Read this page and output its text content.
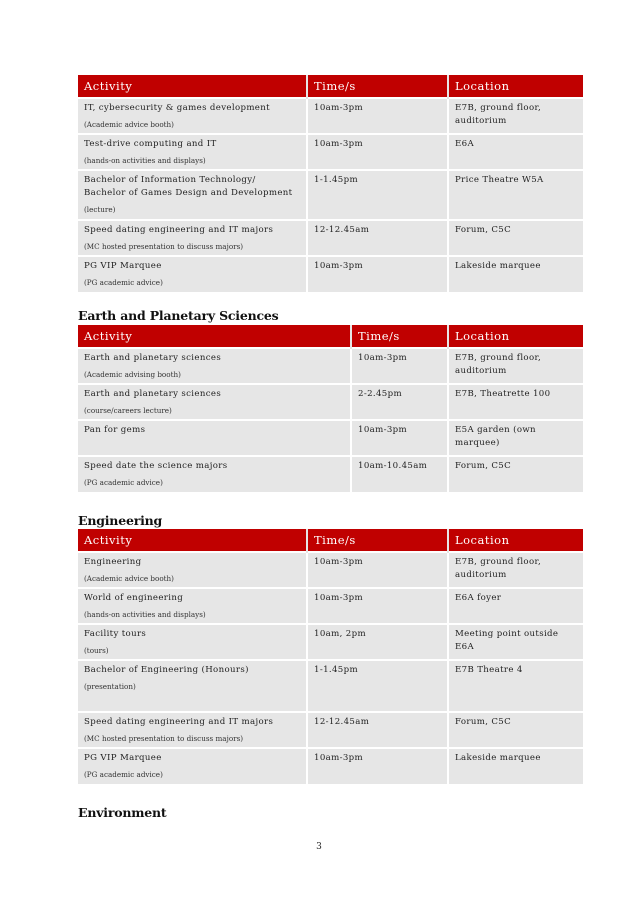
Activity	Time/s	Location

IT, cybersecurity & games development
(Academic advice booth)	10am-3pm	E7B, ground floor, auditorium

Test-drive computing and IT
(hands-on activities and displays)	10am-3pm	E6A

Bachelor of Information Technology/ Bachelor of Games Design and Development
(lecture)	1-1.45pm	Price Theatre W5A

Speed dating engineering and IT majors
(MC hosted presentation to discuss majors)	12-12.45am	Forum, C5C

PG VIP Marquee
(PG academic advice)	10am-3pm	Lakeside marquee
Earth and Planetary Sciences
Activity	Time/s	Location

Earth and planetary sciences
(Academic advising booth)	10am-3pm	E7B, ground floor, auditorium

Earth and planetary sciences
(course/careers lecture)	2-2.45pm	E7B, Theatrette 100

Pan for gems	10am-3pm	E5A garden (own marquee)

Speed date the science majors
(PG academic advice)	10am-10.45am	Forum, C5C
Engineering
Activity	Time/s	Location

Engineering
(Academic advice booth)	10am-3pm	E7B, ground floor, auditorium

World of engineering
(hands-on activities and displays)	10am-3pm	E6A foyer

Facility tours
(tours)	10am, 2pm	Meeting point outside E6A

Bachelor of Engineering (Honours)
(presentation)	1-1.45pm	E7B Theatre 4

Speed dating engineering and IT majors
(MC hosted presentation to discuss majors)	12-12.45am	Forum, C5C

PG VIP Marquee
(PG academic advice)	10am-3pm	Lakeside marquee
Environment
3
